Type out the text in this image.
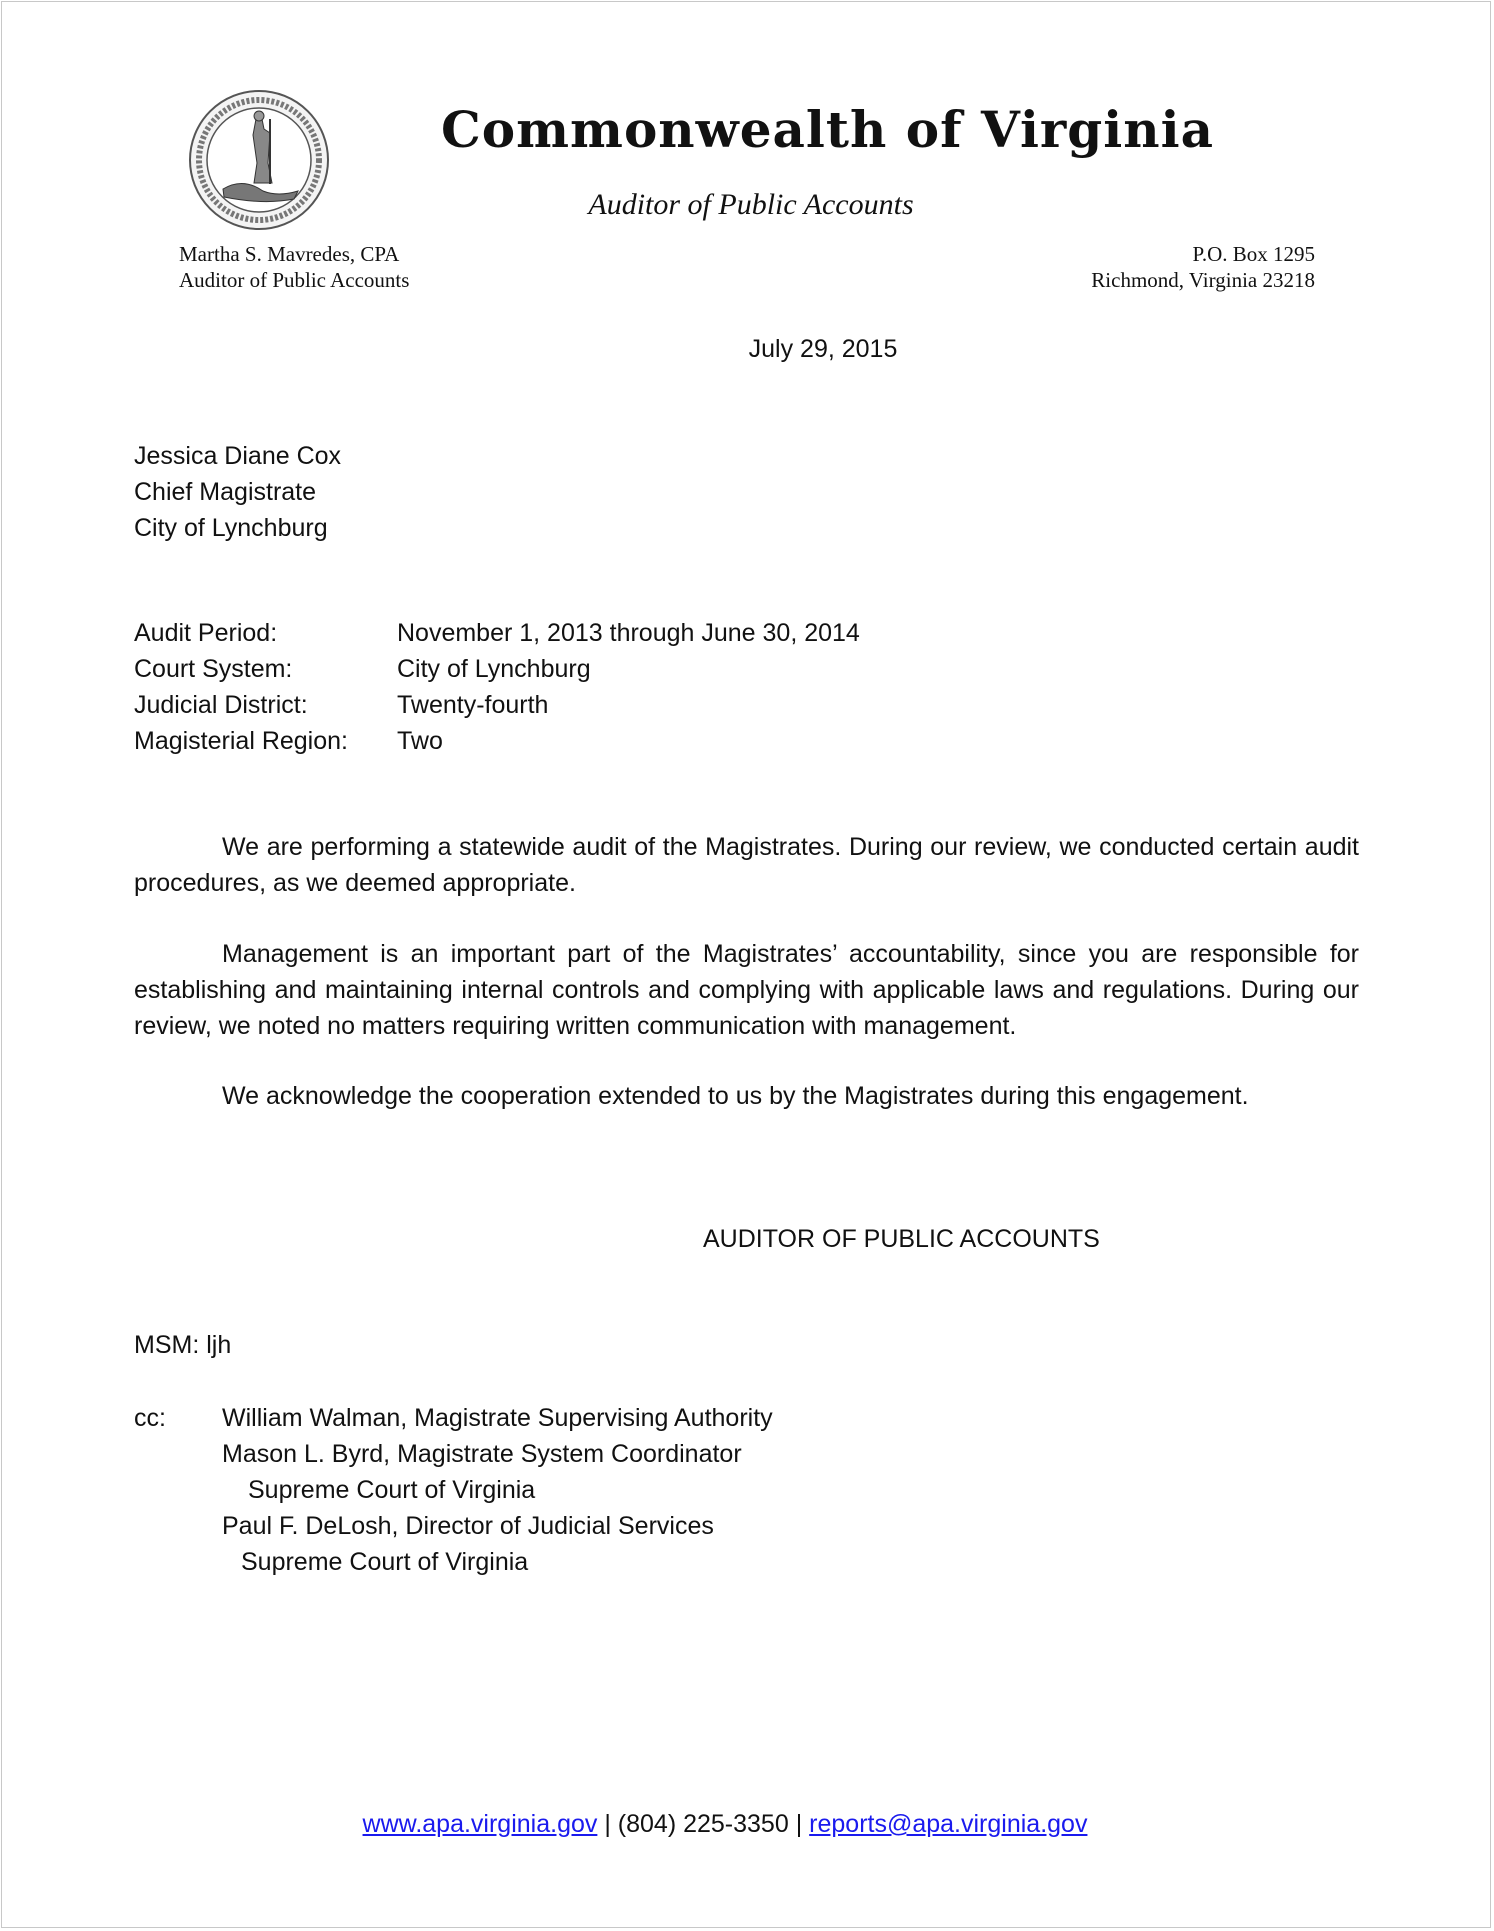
Commonwealth of Virginia
Auditor of Public Accounts
Martha S. Mavredes, CPA
Auditor of Public Accounts
P.O. Box 1295
Richmond, Virginia 23218
July 29, 2015
Jessica Diane Cox
Chief Magistrate
City of Lynchburg
Audit Period:	November 1, 2013 through June 30, 2014
Court System:	City of Lynchburg
Judicial District:	Twenty-fourth
Magisterial Region: Two
We are performing a statewide audit of the Magistrates. During our review, we conducted certain audit procedures, as we deemed appropriate.
Management is an important part of the Magistrates’ accountability, since you are responsible for establishing and maintaining internal controls and complying with applicable laws and regulations. During our review, we noted no matters requiring written communication with management.
We acknowledge the cooperation extended to us by the Magistrates during this engagement.
AUDITOR OF PUBLIC ACCOUNTS
MSM: ljh
cc: William Walman, Magistrate Supervising Authority
Mason L. Byrd, Magistrate System Coordinator
Supreme Court of Virginia
Paul F. DeLosh, Director of Judicial Services
Supreme Court of Virginia
www.apa.virginia.gov | (804) 225-3350 | reports@apa.virginia.gov
